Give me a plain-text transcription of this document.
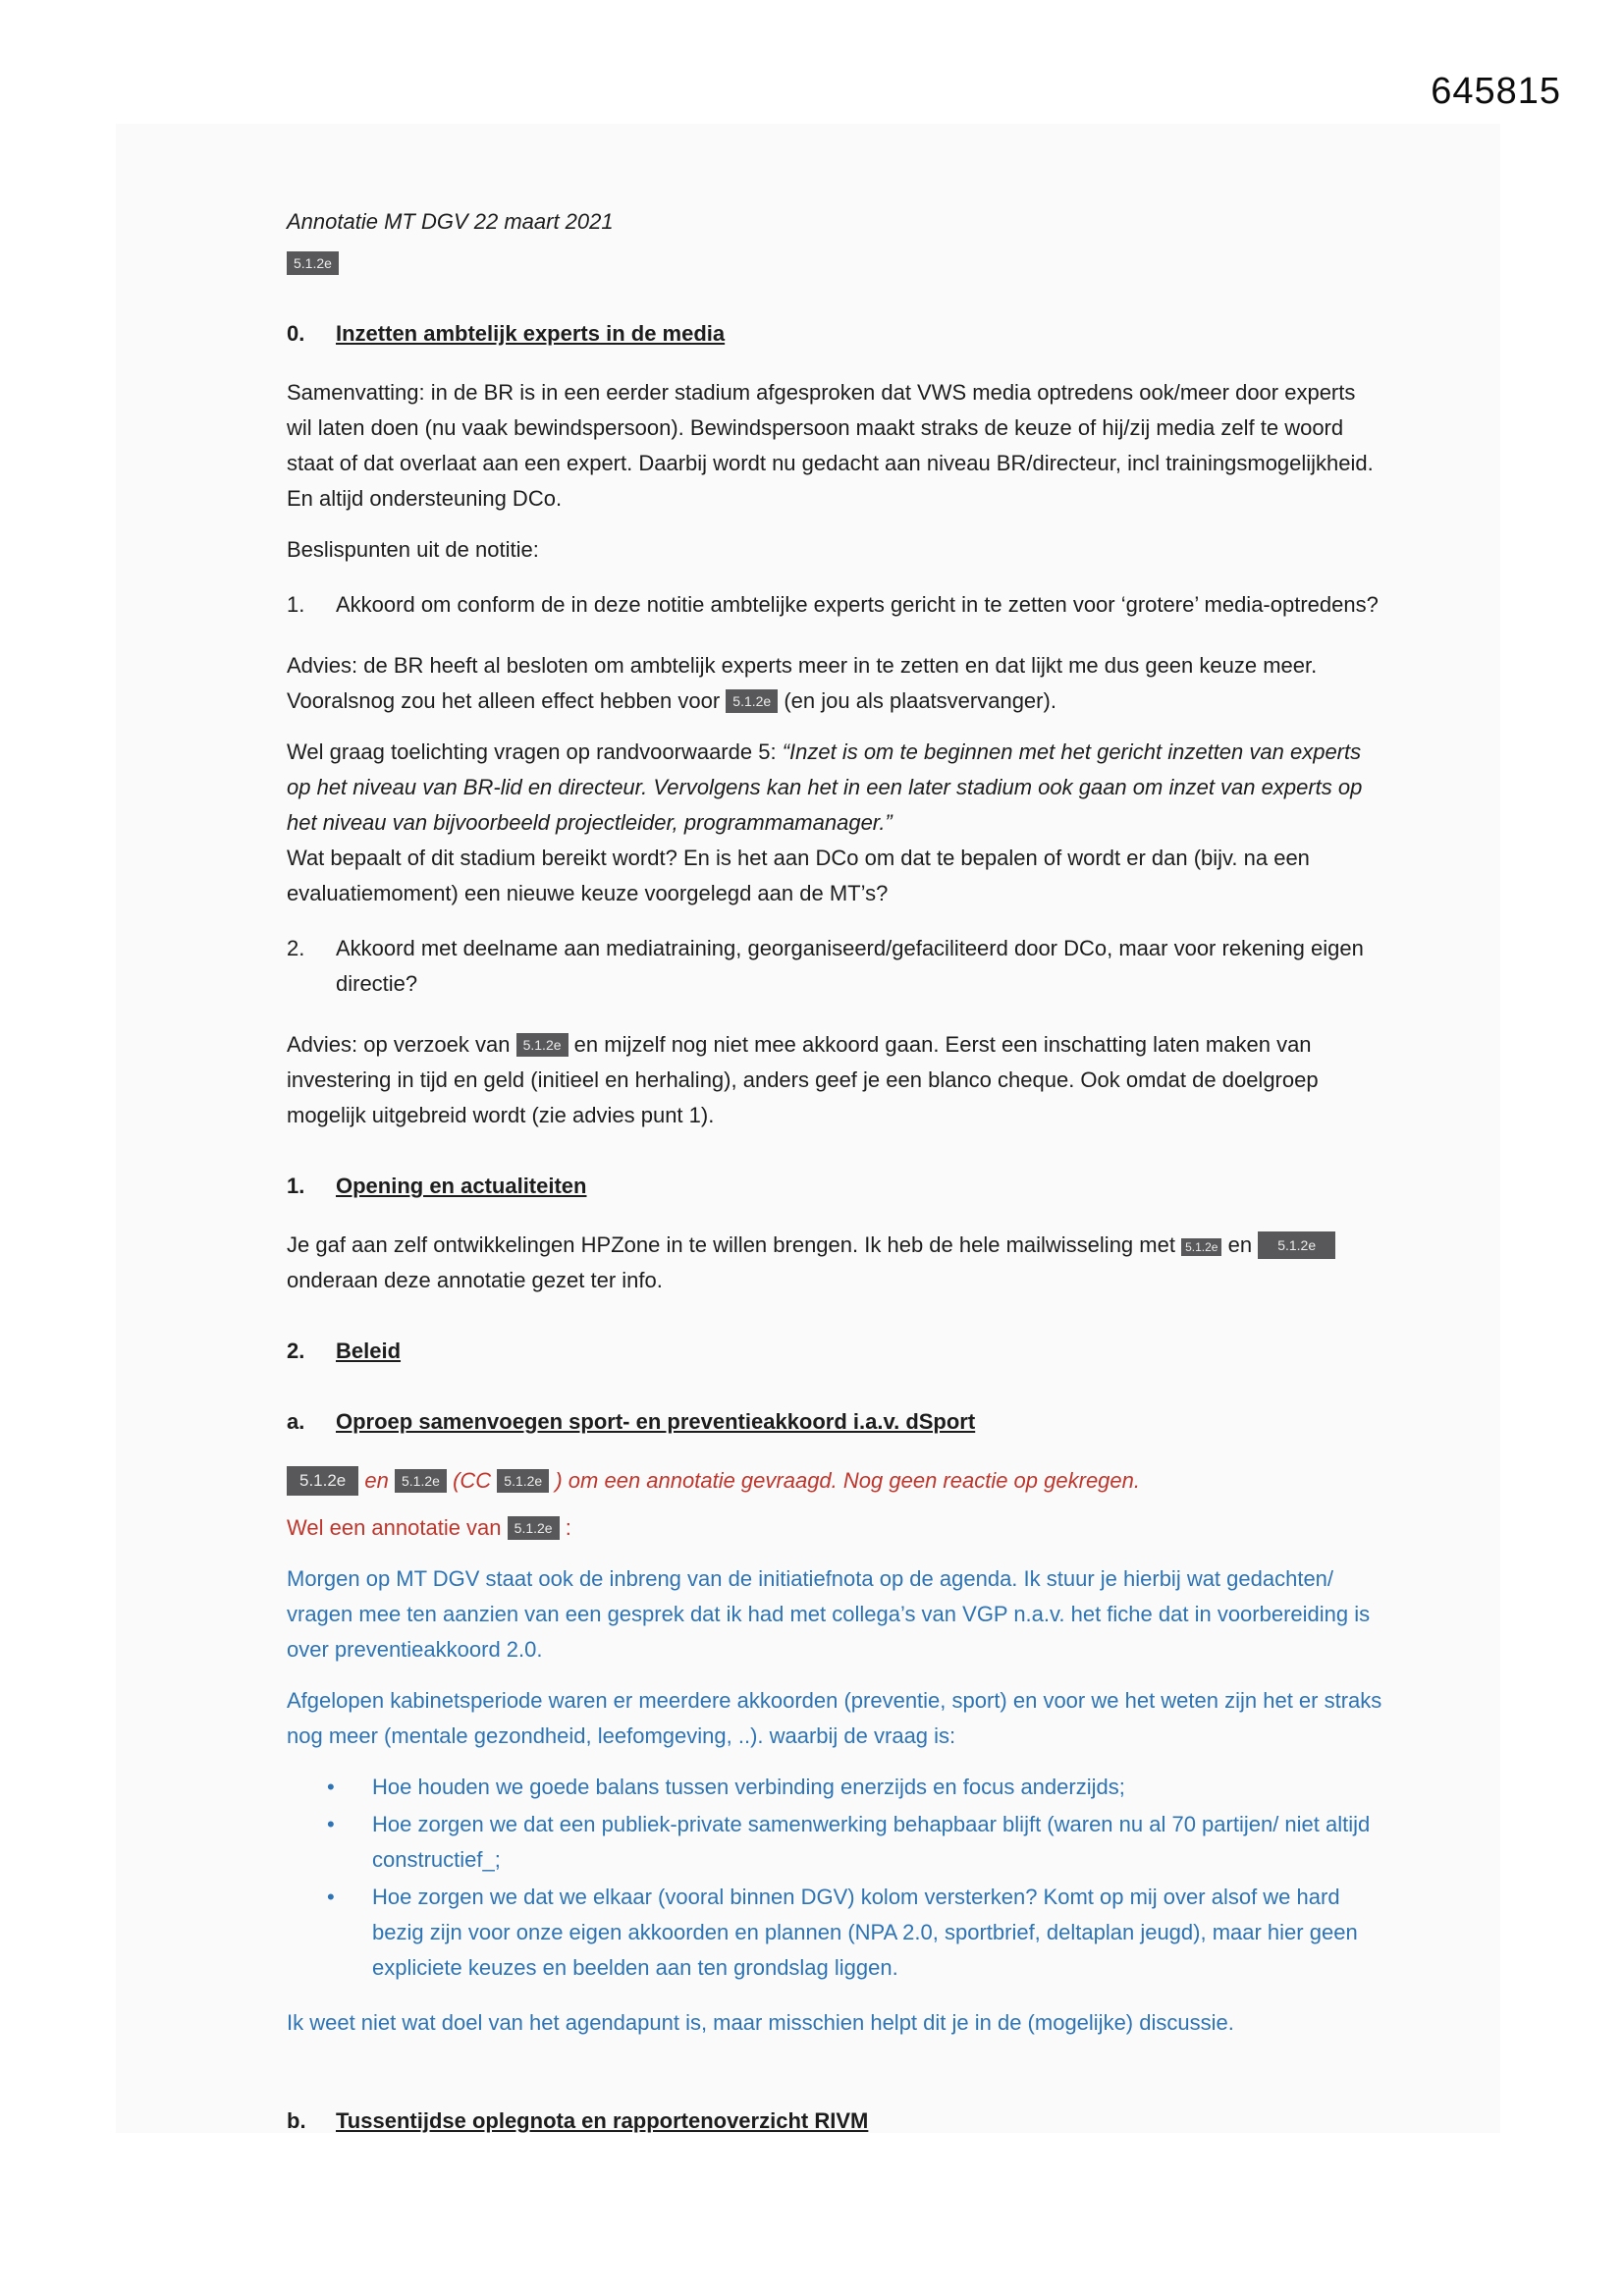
645815

Annotatie MT DGV 22 maart 2021

5.1.2e
0. Inzetten ambtelijk experts in de media

Samenvatting: in de BR is in een eerder stadium afgesproken dat VWS media optredens ook/meer door experts wil laten doen (nu vaak bewindspersoon). Bewindspersoon maakt straks de keuze of hij/zij media zelf te woord staat of dat overlaat aan een expert. Daarbij wordt nu gedacht aan niveau BR/directeur, incl trainingsmogelijkheid. En altijd ondersteuning DCo.

Beslispunten uit de notitie:

1.	Akkoord om conform de in deze notitie ambtelijke experts gericht in te zetten voor ‘grotere’ media-optredens?

Advies: de BR heeft al besloten om ambtelijk experts meer in te zetten en dat lijkt me dus geen keuze meer. Vooralsnog zou het alleen effect hebben voor 5.1.2e (en jou als plaatsvervanger).

Wel graag toelichting vragen op randvoorwaarde 5: “Inzet is om te beginnen met het gericht inzetten van experts op het niveau van BR-lid en directeur. Vervolgens kan het in een later stadium ook gaan om inzet van experts op het niveau van bijvoorbeeld projectleider, programmamanager.”
Wat bepaalt of dit stadium bereikt wordt? En is het aan DCo om dat te bepalen of wordt er dan (bijv. na een evaluatiemoment) een nieuwe keuze voorgelegd aan de MT’s?

2.	Akkoord met deelname aan mediatraining, georganiseerd/gefaciliteerd door DCo, maar voor rekening eigen directie?

Advies: op verzoek van 5.1.2e en mijzelf nog niet mee akkoord gaan. Eerst een inschatting laten maken van investering in tijd en geld (initieel en herhaling), anders geef je een blanco cheque. Ook omdat de doelgroep mogelijk uitgebreid wordt (zie advies punt 1).

1. Opening en actualiteiten

Je gaf aan zelf ontwikkelingen HPZone in te willen brengen. Ik heb de hele mailwisseling met 5.1.2e en 5.1.2e onderaan deze annotatie gezet ter info.

2. Beleid
a. Oproep samenvoegen sport- en preventieakkoord i.a.v. dSport

5.1.2e en 5.1.2e (CC 5.1.2e ) om een annotatie gevraagd. Nog geen reactie op gekregen.

Wel een annotatie van 5.1.2e :

Morgen op MT DGV staat ook de inbreng van de initiatiefnota op de agenda. Ik stuur je hierbij wat gedachten/ vragen mee ten aanzien van een gesprek dat ik had met collega’s van VGP n.a.v. het fiche dat in voorbereiding is over preventieakkoord 2.0.

Afgelopen kabinetsperiode waren er meerdere akkoorden (preventie, sport) en voor we het weten zijn het er straks nog meer (mentale gezondheid, leefomgeving, ..). waarbij de vraag is:

•	Hoe houden we goede balans tussen verbinding enerzijds en focus anderzijds;
•	Hoe zorgen we dat een publiek-private samenwerking behapbaar blijft (waren nu al 70 partijen/ niet altijd constructief_;
•	Hoe zorgen we dat we elkaar (vooral binnen DGV) kolom versterken? Komt op mij over alsof we hard bezig zijn voor onze eigen akkoorden en plannen (NPA 2.0, sportbrief, deltaplan jeugd), maar hier geen expliciete keuzes en beelden aan ten grondslag liggen.

Ik weet niet wat doel van het agendapunt is, maar misschien helpt dit je in de (mogelijke) discussie.

b. Tussentijdse oplegnota en rapportenoverzicht RIVM
